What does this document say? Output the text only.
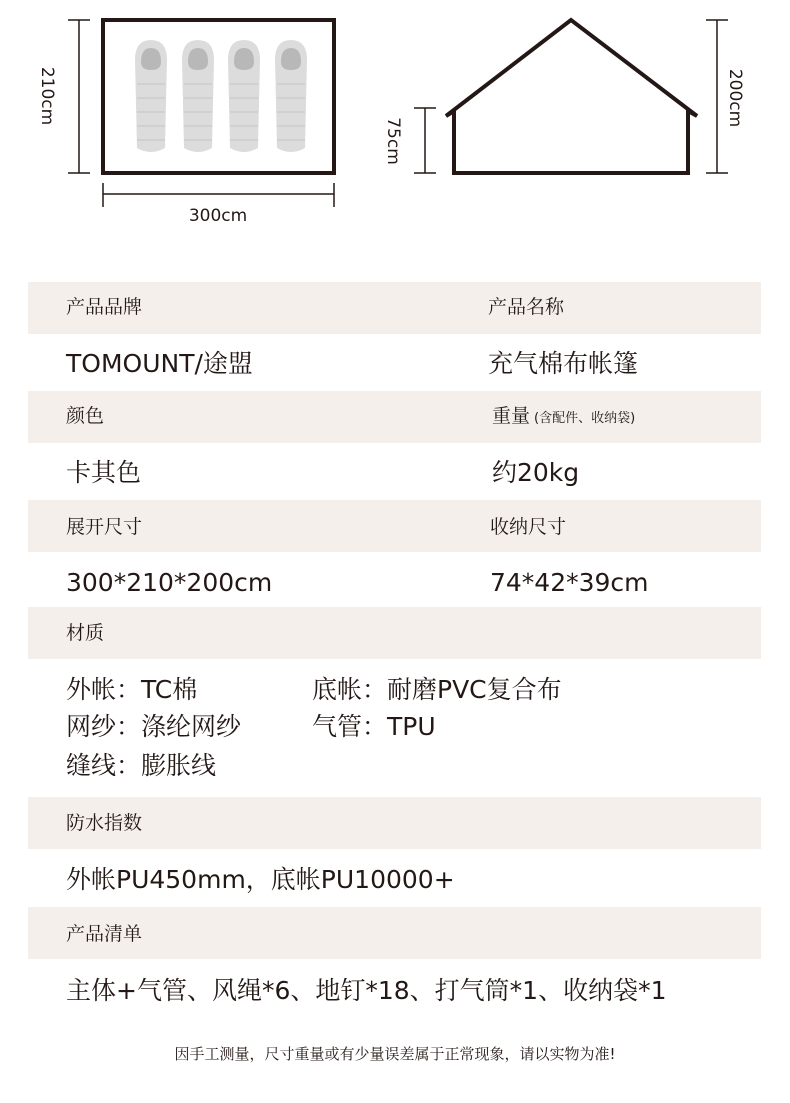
210cm
300cm
75cm
200cm
产品品牌	产品名称
TOMOUNT/途盟	充气棉布帐篷
颜色	重量 (含配件、收纳袋)
卡其色	约20kg
展开尺寸	收纳尺寸
300*210*200cm	74*42*39cm
材质
外帐：TC棉	底帐：耐磨PVC复合布
网纱：涤纶网纱	气管：TPU
缝线：膨胀线
防水指数
外帐PU450mm，底帐PU10000+
产品清单
主体+气管、风绳*6、地钉*18、打气筒*1、收纳袋*1
因手工测量，尺寸重量或有少量误差属于正常现象，请以实物为准!
